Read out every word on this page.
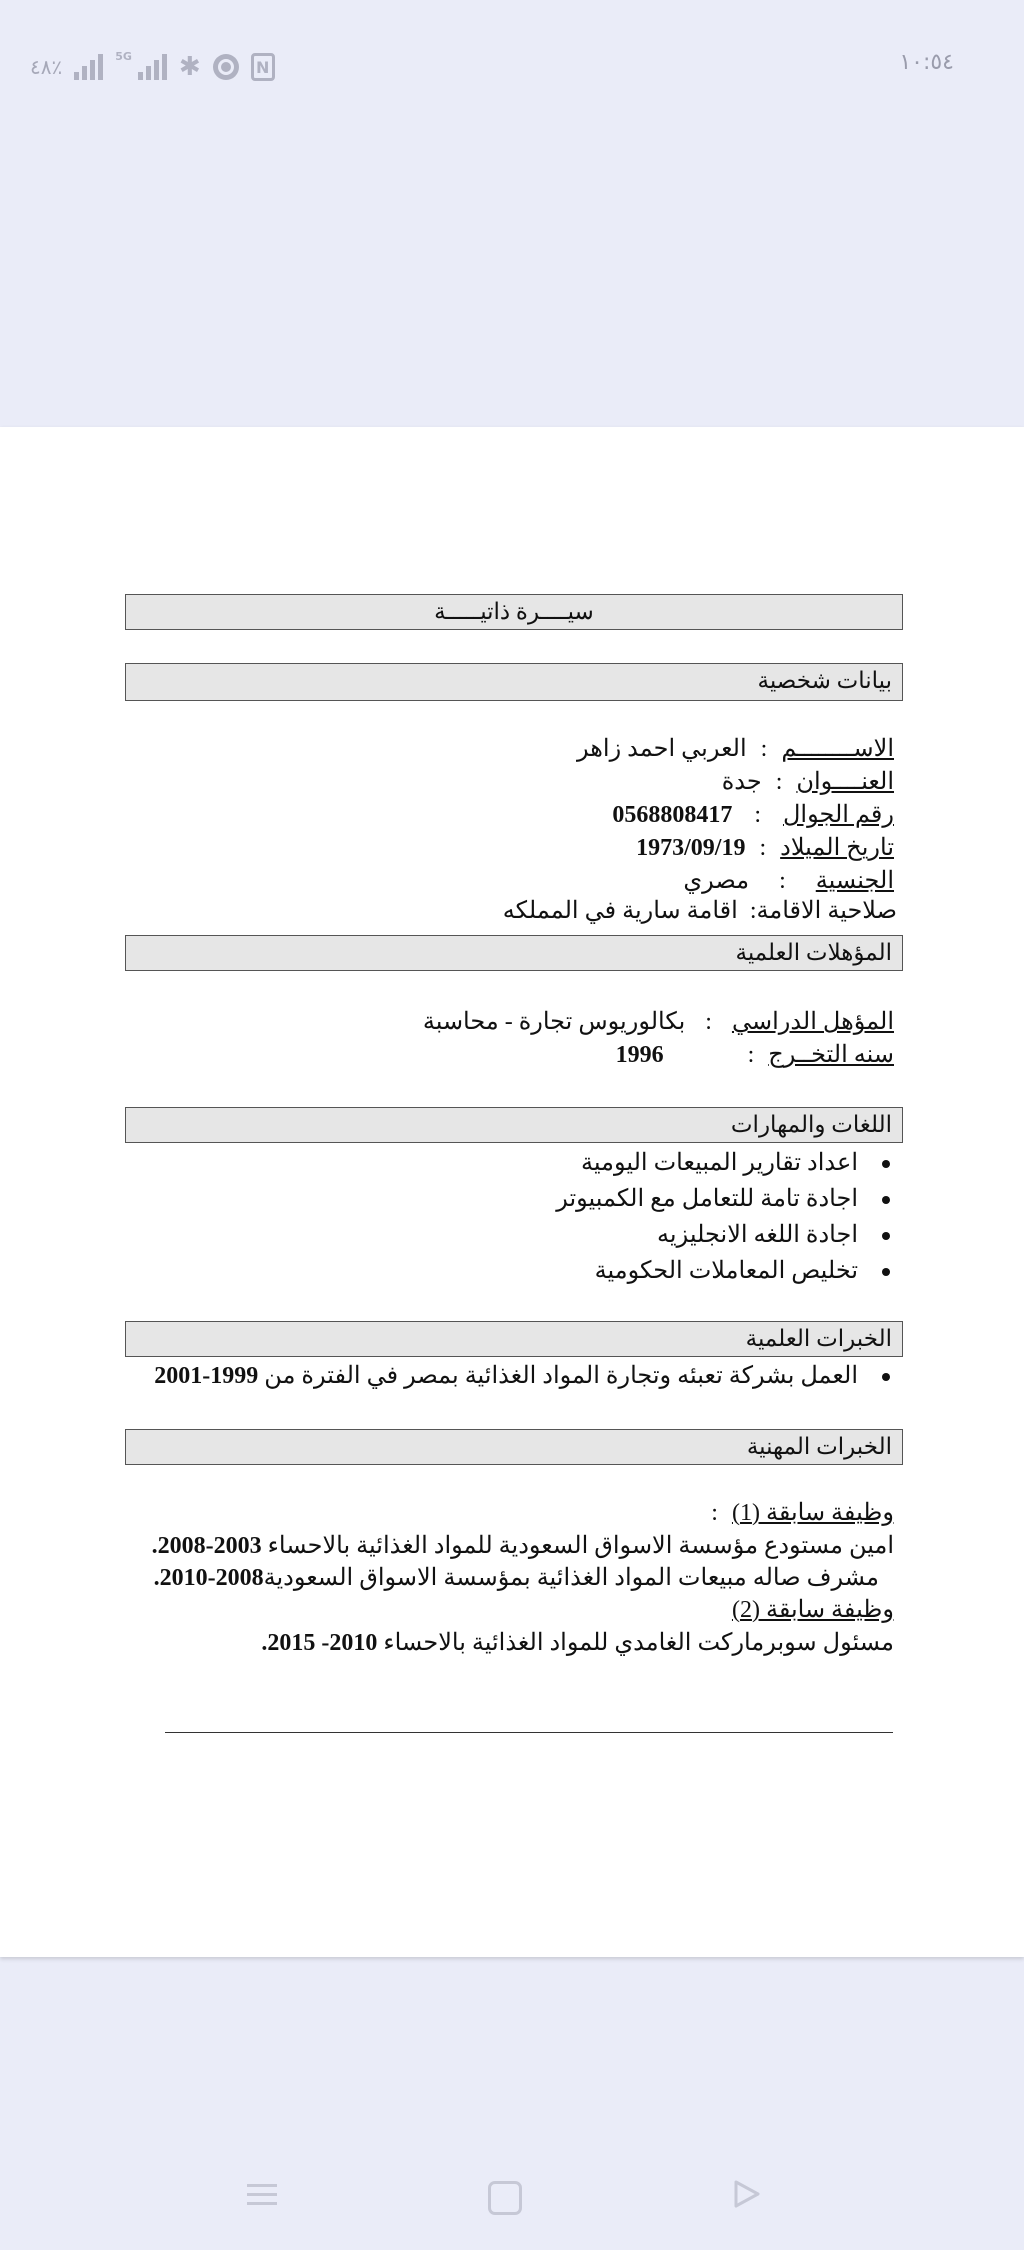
٤٨٪	5G ✱	N	١٠:٥٤
سيــــرة ذاتيـــــة
بيانات شخصية
الاســــــــم:العربي احمد زاهر
العنــــوان:جدة
رقم الجوال:0568808417
تاريخ الميلاد:1973/09/19
الجنسية:مصري
صلاحية الاقامة:  اقامة سارية في المملكه
المؤهلات العلمية
المؤهل الدراسي:بكالوريوس تجارة - محاسبة
سنه التخــرج:1996
اللغات والمهارات
اعداد تقارير المبيعات اليومية
اجادة تامة للتعامل مع الكمبيوتر
اجادة اللغه الانجليزيه
تخليص المعاملات الحكومية
الخبرات العلمية
العمل بشركة تعبئه وتجارة المواد الغذائية بمصر في الفترة من 1999-2001
الخبرات المهنية
وظيفة سابقة (1):
امين مستودع مؤسسة الاسواق السعودية للمواد الغذائية بالاحساء 2003-2008.
مشرف صاله مبيعات المواد الغذائية بمؤسسة الاسواق السعودية2008-2010.
وظيفة سابقة (2)
مسئول سوبرماركت الغامدي للمواد الغذائية بالاحساء 2010- 2015.
